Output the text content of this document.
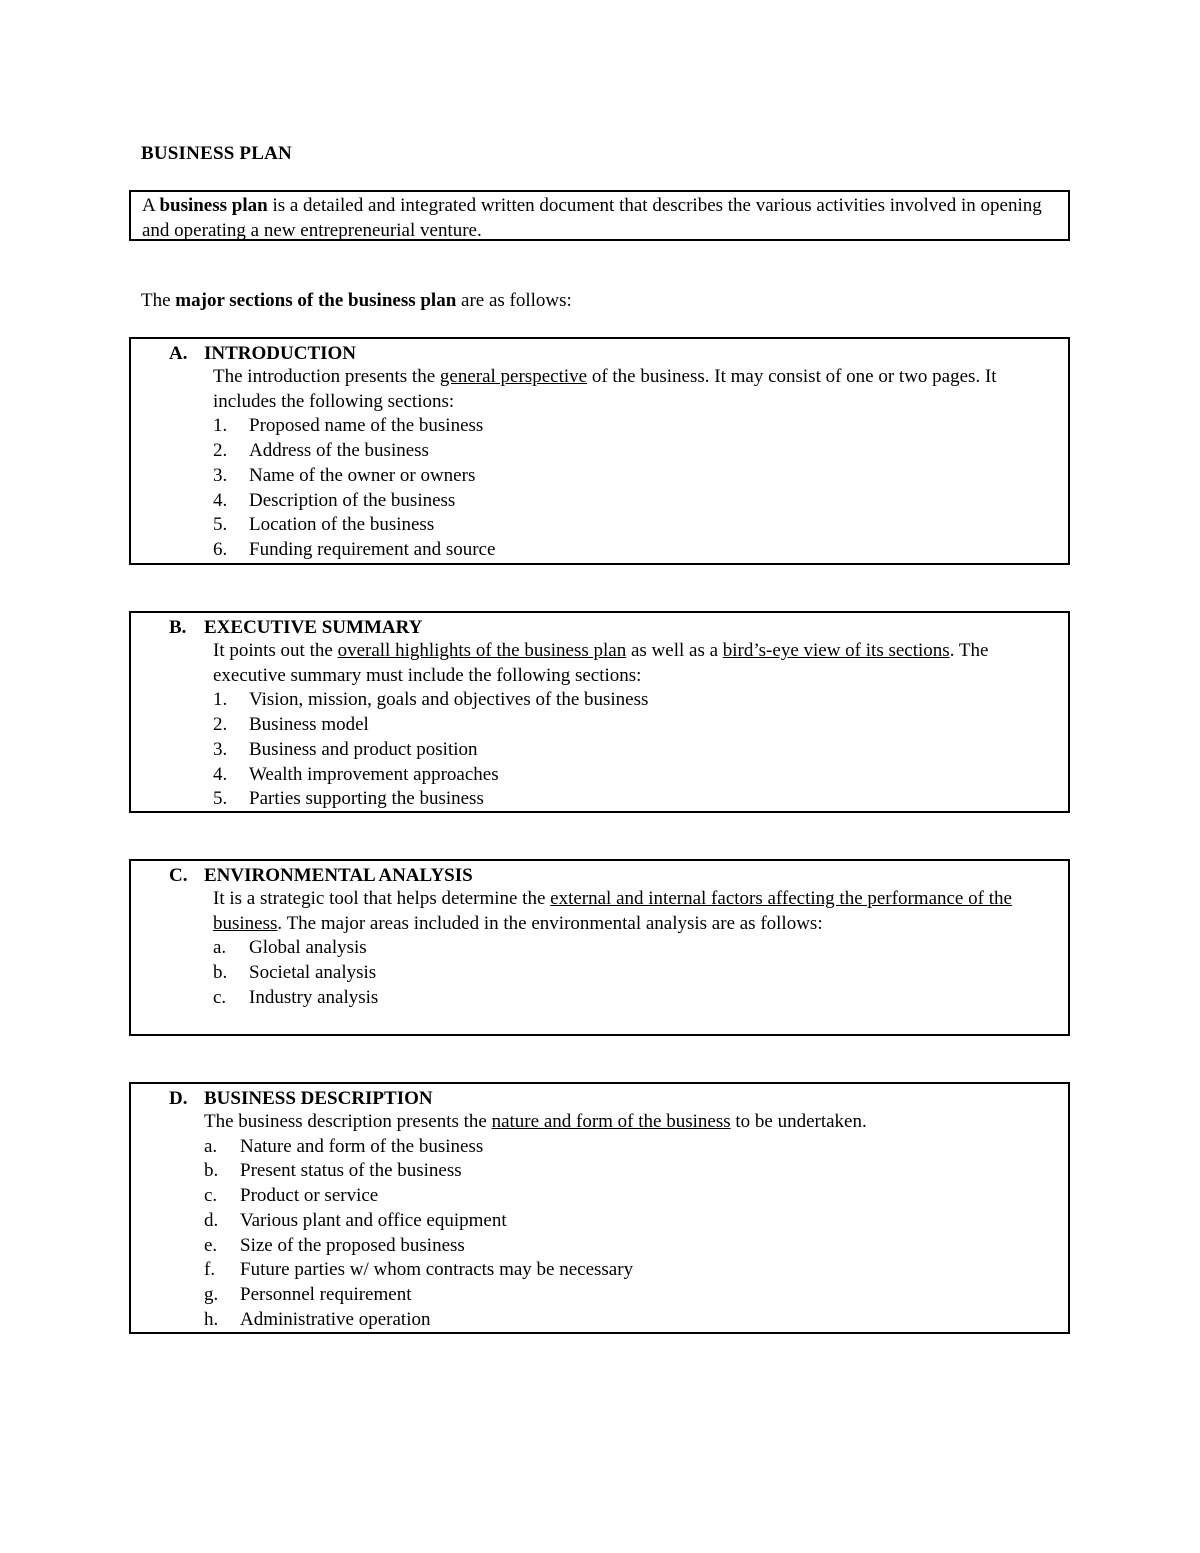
BUSINESS PLAN
A business plan is a detailed and integrated written document that describes the various activities involved in opening and operating a new entrepreneurial venture.
The major sections of the business plan are as follows:
A. INTRODUCTION
The introduction presents the general perspective of the business. It may consist of one or two pages. It includes the following sections:
1.	Proposed name of the business
2.	Address of the business
3.	Name of the owner or owners
4.	Description of the business
5.	Location of the business
6.	Funding requirement and source
B. EXECUTIVE SUMMARY
It points out the overall highlights of the business plan as well as a bird’s-eye view of its sections. The executive summary must include the following sections:
1.	Vision, mission, goals and objectives of the business
2.	Business model
3.	Business and product position
4.	Wealth improvement approaches
5.	Parties supporting the business
C. ENVIRONMENTAL ANALYSIS
It is a strategic tool that helps determine the external and internal factors affecting the performance of the business. The major areas included in the environmental analysis are as follows:
a.	Global analysis
b.	Societal analysis
c.	Industry analysis
D. BUSINESS DESCRIPTION
The business description presents the nature and form of the business to be undertaken.
a.	Nature and form of the business
b.	Present status of the business
c.	Product or service
d.	Various plant and office equipment
e.	Size of the proposed business
f.	Future parties w/ whom contracts may be necessary
g.	Personnel requirement
h.	Administrative operation
